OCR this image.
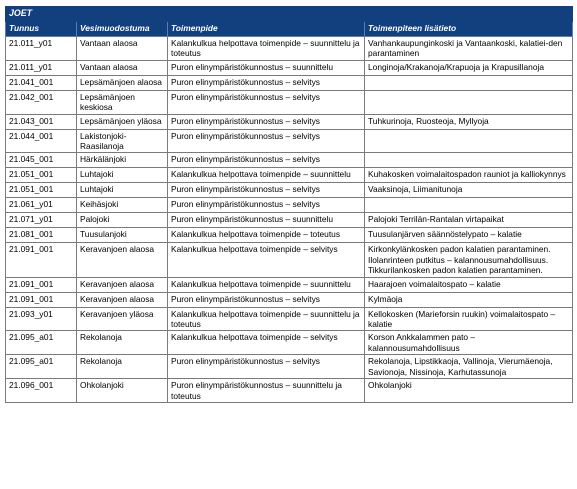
JOET			
Tunnus	Vesimuodostuma	Toimenpide	Toimenpiteen lisätieto
21.011_y01	Vantaan alaosa	Kalankulkua helpottava toimenpide – suunnittelu ja toteutus	Vanhankaupunginkoski ja Vantaankoski, kalatiei-den parantaminen
21.011_y01	Vantaan alaosa	Puron elinympäristökunnostus – suunnittelu	Longinoja/Krakanoja/Krapuoja ja Krapusillanoja
21.041_001	Lepsämänjoen alaosa	Puron elinympäristökunnostus – selvitys	
21.042_001	Lepsämänjoen keskiosa	Puron elinympäristökunnostus – selvitys	
21.043_001	Lepsämänjoen yläosa	Puron elinympäristökunnostus – selvitys	Tuhkurinoja, Ruosteoja, Myllyoja
21.044_001	Lakistonjoki-Raasilanoja	Puron elinympäristökunnostus – selvitys	
21.045_001	Härkälänjoki	Puron elinympäristökunnostus – selvitys	
21.051_001	Luhtajoki	Kalankulkua helpottava toimenpide – suunnittelu	Kuhakosken voimalaitospadon rauniot ja kalliokynnys
21.051_001	Luhtajoki	Puron elinympäristökunnostus – selvitys	Vaaksinoja, Liimanitunoja
21.061_y01	Keihäsjoki	Puron elinympäristökunnostus – selvitys	
21.071_y01	Palojoki	Puron elinympäristökunnostus – suunnittelu	Palojoki Terrilän-Rantalan virtapaikat
21.081_001	Tuusulanjoki	Kalankulkua helpottava toimenpide – toteutus	Tuusulanjärven säännöstelypato – kalatie
21.091_001	Keravanjoen alaosa	Kalankulkua helpottava toimenpide – selvitys	Kirkonkylänkosken padon kalatien parantaminen. Ilolanrinteen putkitus – kalannousumahdollisuus. Tikkurilankosken padon kalatien parantaminen.
21.091_001	Keravanjoen alaosa	Kalankulkua helpottava toimenpide – suunnittelu	Haarajoen voimalaitospato – kalatie
21.091_001	Keravanjoen alaosa	Puron elinympäristökunnostus – selvitys	Kylmäoja
21.093_y01	Keravanjoen yläosa	Kalankulkua helpottava toimenpide – suunnittelu ja toteutus	Kellokosken (Marieforsin ruukin) voimalaitospato – kalatie
21.095_a01	Rekolanoja	Kalankulkua helpottava toimenpide – selvitys	Korson Ankkalammen pato – kalannousumahdollisuus
21.095_a01	Rekolanoja	Puron elinympäristökunnostus – selvitys	Rekolanoja, Lipstikkaoja, Vallinoja, Vierumäenoja, Savionoja, Nissinoja, Karhutassunoja
21.096_001	Ohkolanjoki	Puron elinympäristökunnostus – suunnittelu ja toteutus	Ohkolanjoki
